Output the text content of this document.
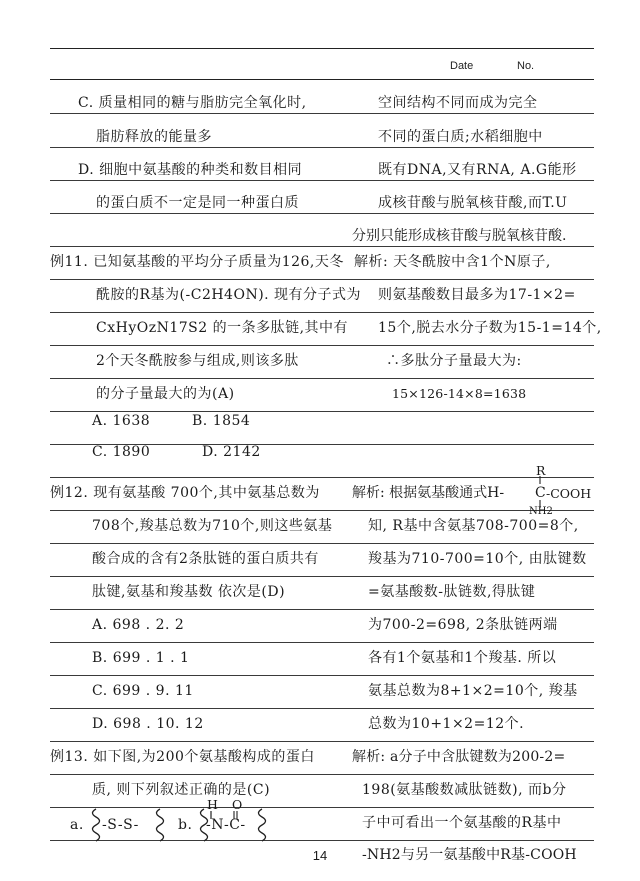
Date	No.
C. 质量相同的糖与脂肪完全氧化时,
脂肪释放的能量多
D. 细胞中氨基酸的种类和数目相同
的蛋白质不一定是同一种蛋白质
例11. 已知氨基酸的平均分子质量为126,天冬
酰胺的R基为(-C2H4ON). 现有分子式为
CxHyOzN17S2 的一条多肽链,其中有
2个天冬酰胺参与组成,则该多肽
的分子量最大的为(A)
A. 1638	B. 1854
C. 1890	D. 2142
例12. 现有氨基酸 700个,其中氨基总数为
708个,羧基总数为710个,则这些氨基
酸合成的含有2条肽链的蛋白质共有
肽键,氨基和羧基数 依次是(D)
A. 698 . 2. 2
B. 699 . 1 . 1
C. 699 . 9. 11
D. 698 . 10. 12
例13. 如下图,为200个氨基酸构成的蛋白
质, 则下列叙述正确的是(C)
a. -S-S-	b.
H
-N-C-
O
空间结构不同而成为完全
不同的蛋白质;水稻细胞中
既有DNA,又有RNA, A.G能形
成核苷酸与脱氧核苷酸,而T.U
分别只能形成核苷酸与脱氧核苷酸.
解析: 天冬酰胺中含1个N原子,
则氨基酸数目最多为17-1×2=
15个,脱去水分子数为15-1=14个,
∴多肽分子量最大为:
15×126-14×8=1638
解析: 根据氨基酸通式H-
R
C -COOH
NH2
知, R基中含氨基708-700=8个,
羧基为710-700=10个, 由肽键数
=氨基酸数-肽链数,得肽键
为700-2=698, 2条肽链两端
各有1个氨基和1个羧基. 所以
氨基总数为8+1×2=10个, 羧基
总数为10+1×2=12个.
解析: a分子中含肽键数为200-2=
198(氨基酸数减肽链数), 而b分
子中可看出一个氨基酸的R基中
-NH2与另一氨基酸中R基-COOH
14
